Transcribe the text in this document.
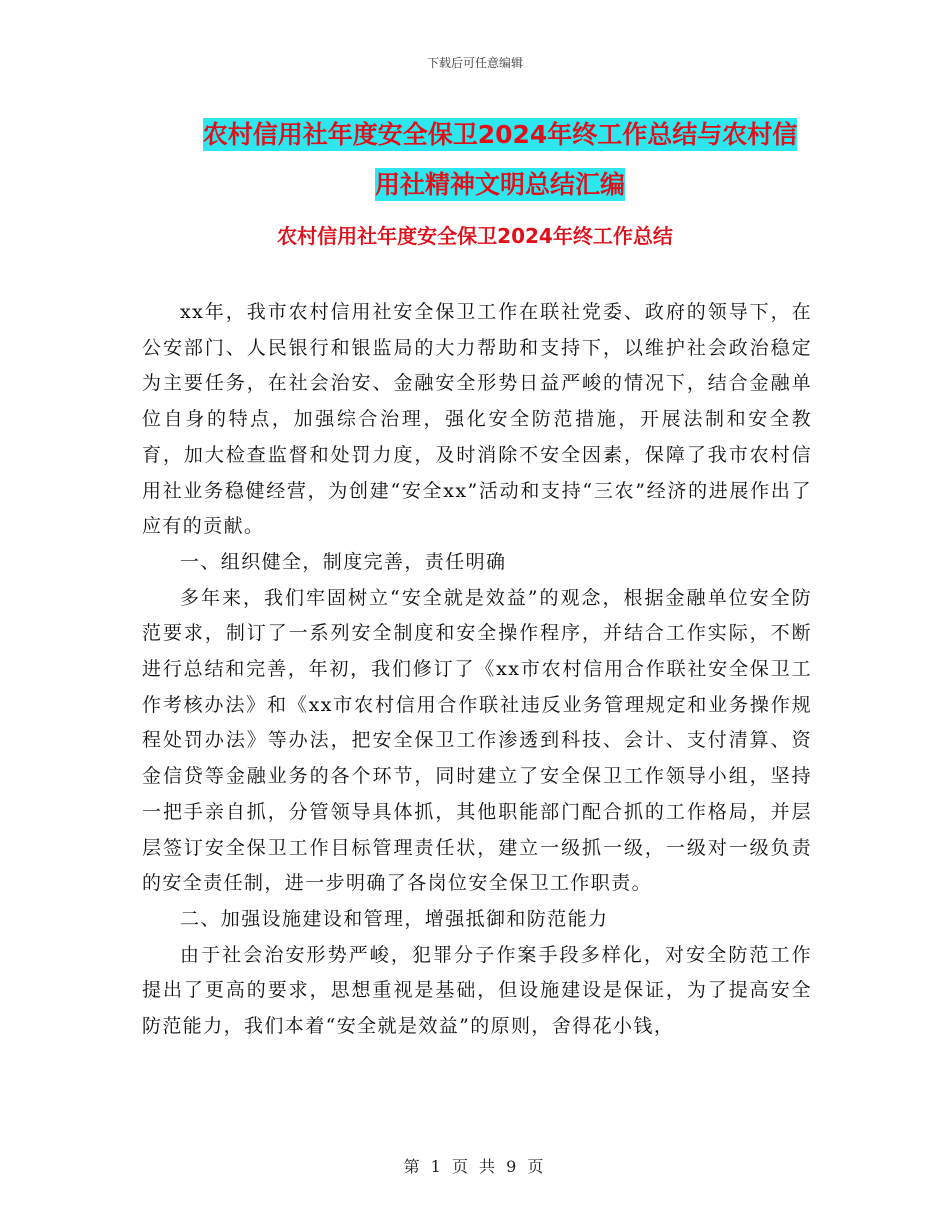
下载后可任意编辑
农村信用社年度安全保卫2024年终工作总结与农村信
用社精神文明总结汇编
农村信用社年度安全保卫2024年终工作总结

xx年，我市农村信用社安全保卫工作在联社党委、政府的领导下，在公安部门、人民银行和银监局的大力帮助和支持下，以维护社会政治稳定为主要任务，在社会治安、金融安全形势日益严峻的情况下，结合金融单位自身的特点，加强综合治理，强化安全防范措施，开展法制和安全教育，加大检查监督和处罚力度，及时消除不安全因素，保障了我市农村信用社业务稳健经营，为创建“安全xx”活动和支持“三农”经济的进展作出了应有的贡献。

一、组织健全，制度完善，责任明确

多年来，我们牢固树立“安全就是效益”的观念，根据金融单位安全防范要求，制订了一系列安全制度和安全操作程序，并结合工作实际，不断进行总结和完善，年初，我们修订了《xx市农村信用合作联社安全保卫工作考核办法》和《xx市农村信用合作联社违反业务管理规定和业务操作规程处罚办法》等办法，把安全保卫工作渗透到科技、会计、支付清算、资金信贷等金融业务的各个环节，同时建立了安全保卫工作领导小组，坚持一把手亲自抓，分管领导具体抓，其他职能部门配合抓的工作格局，并层层签订安全保卫工作目标管理责任状，建立一级抓一级，一级对一级负责的安全责任制，进一步明确了各岗位安全保卫工作职责。

二、加强设施建设和管理，增强抵御和防范能力

由于社会治安形势严峻，犯罪分子作案手段多样化，对安全防范工作提出了更高的要求，思想重视是基础，但设施建设是保证，为了提高安全防范能力，我们本着“安全就是效益”的原则，舍得花小钱，

第 1 页 共 9 页
